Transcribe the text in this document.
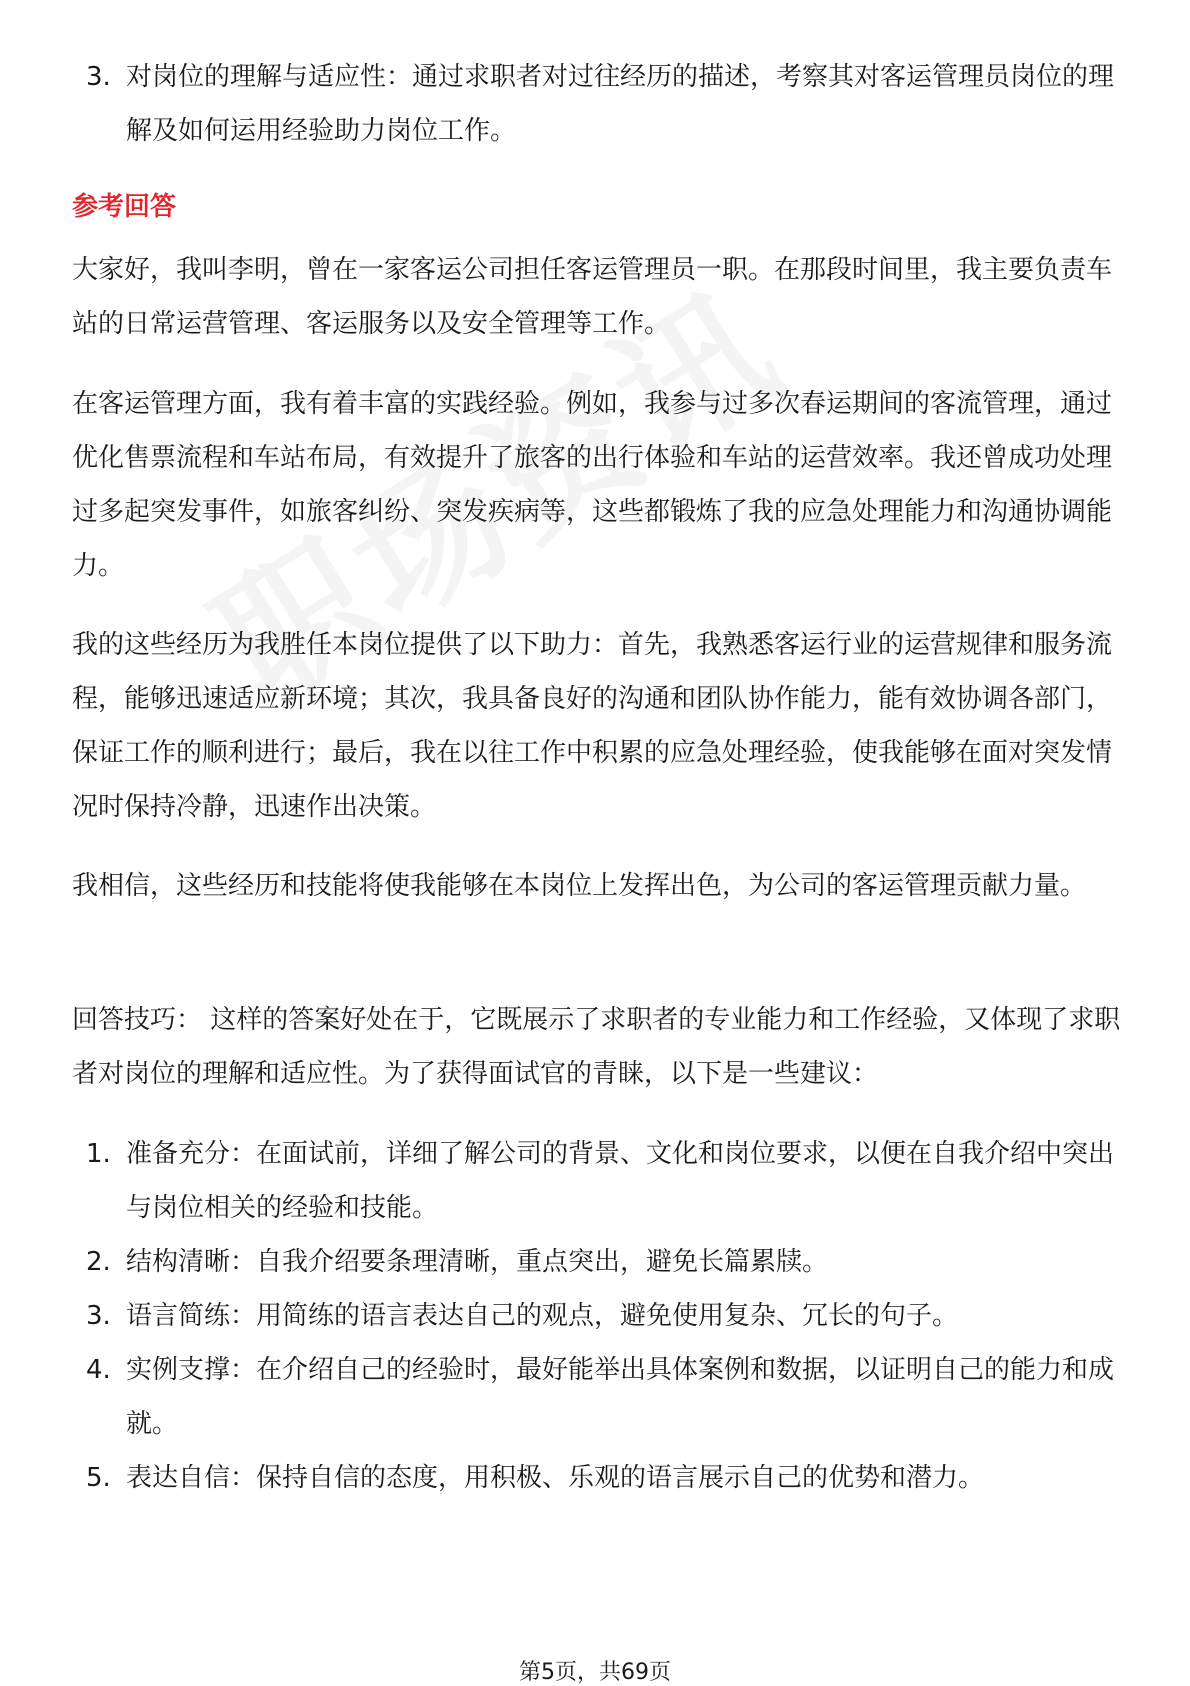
3. 对岗位的理解与适应性：通过求职者对过往经历的描述，考察其对客运管理员岗位的理解及如何运用经验助力岗位工作。
参考回答
大家好，我叫李明，曾在一家客运公司担任客运管理员一职。在那段时间里，我主要负责车站的日常运营管理、客运服务以及安全管理等工作。
在客运管理方面，我有着丰富的实践经验。例如，我参与过多次春运期间的客流管理，通过优化售票流程和车站布局，有效提升了旅客的出行体验和车站的运营效率。我还曾成功处理过多起突发事件，如旅客纠纷、突发疾病等，这些都锻炼了我的应急处理能力和沟通协调能力。
我的这些经历为我胜任本岗位提供了以下助力：首先，我熟悉客运行业的运营规律和服务流程，能够迅速适应新环境；其次，我具备良好的沟通和团队协作能力，能有效协调各部门，保证工作的顺利进行；最后，我在以往工作中积累的应急处理经验，使我能够在面对突发情况时保持冷静，迅速作出决策。
我相信，这些经历和技能将使我能够在本岗位上发挥出色，为公司的客运管理贡献力量。
回答技巧： 这样的答案好处在于，它既展示了求职者的专业能力和工作经验，又体现了求职者对岗位的理解和适应性。为了获得面试官的青睐，以下是一些建议：
1. 准备充分：在面试前，详细了解公司的背景、文化和岗位要求，以便在自我介绍中突出与岗位相关的经验和技能。
2. 结构清晰：自我介绍要条理清晰，重点突出，避免长篇累牍。
3. 语言简练：用简练的语言表达自己的观点，避免使用复杂、冗长的句子。
4. 实例支撑：在介绍自己的经验时，最好能举出具体案例和数据，以证明自己的能力和成就。
5. 表达自信：保持自信的态度，用积极、乐观的语言展示自己的优势和潜力。
第5页，共69页
